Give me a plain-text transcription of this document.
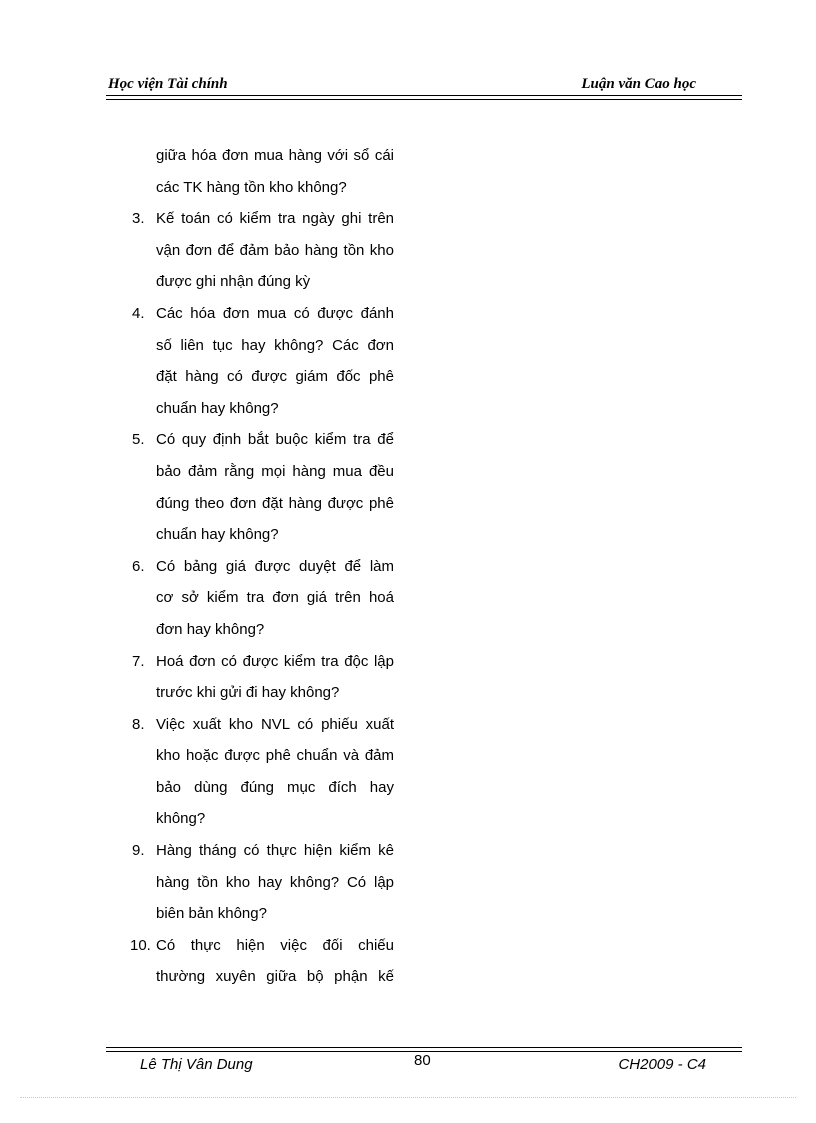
Học viện Tài chính	Luận văn Cao học
giữa hóa đơn mua hàng với sổ cái
các TK hàng tồn kho không?
3. Kế toán có kiểm tra ngày ghi trên
vận đơn để đảm bảo hàng tồn kho
được ghi nhận đúng kỳ
4. Các hóa đơn mua có được đánh
số liên tục hay không? Các đơn
đặt hàng có được giám đốc phê
chuẩn hay không?
5. Có quy định bắt buộc kiểm tra để
bảo đảm rằng mọi hàng mua đều
đúng theo đơn đặt hàng được phê
chuẩn hay không?
6. Có bảng giá được duyệt để làm
cơ sở kiểm tra đơn giá trên hoá
đơn hay không?
7. Hoá đơn có được kiểm tra độc lập
trước khi gửi đi hay không?
8. Việc xuất kho NVL có phiếu xuất
kho hoặc được phê chuẩn và đảm
bảo dùng đúng mục đích hay
không?
9. Hàng tháng có thực hiện kiểm kê
hàng tồn kho hay không? Có lập
biên bản không?
10. Có thực hiện việc đối chiếu
thường xuyên giữa bộ phận kế
Lê Thị Vân Dung	80	CH2009 - C4
